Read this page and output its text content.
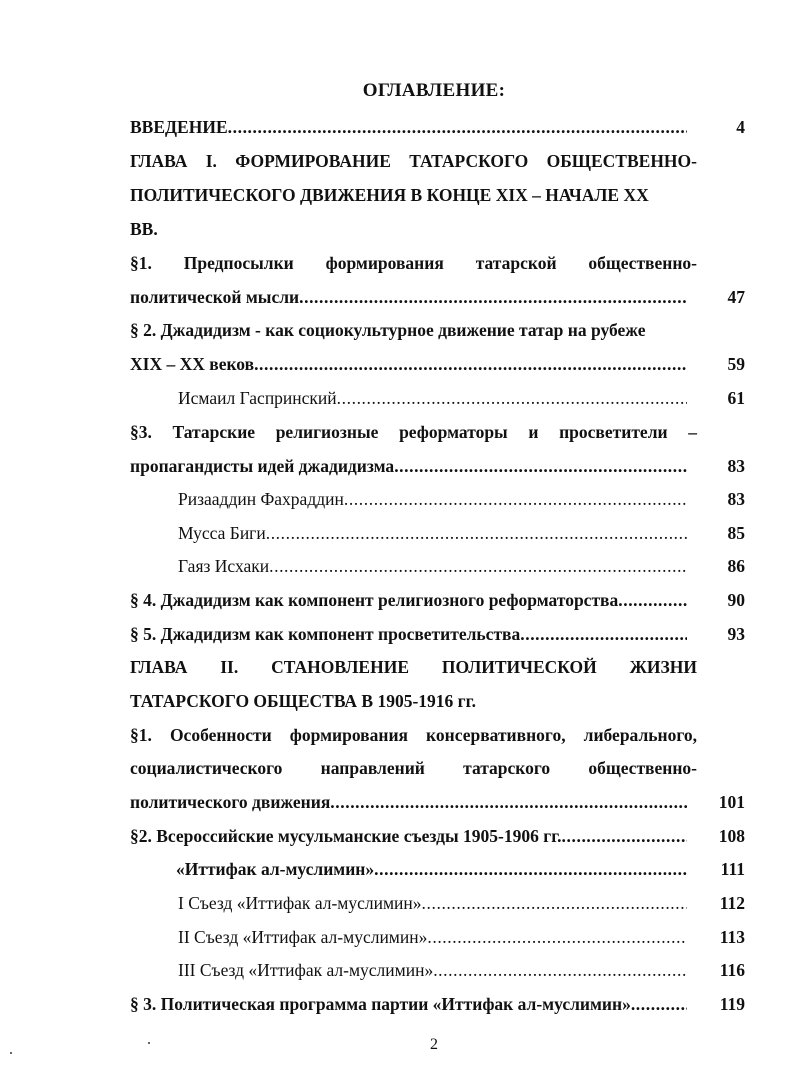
ОГЛАВЛЕНИЕ:
ВВЕДЕНИЕ .....	4
ГЛАВА I. ФОРМИРОВАНИЕ ТАТАРСКОГО ОБЩЕСТВЕННО-
ПОЛИТИЧЕСКОГО ДВИЖЕНИЯ В КОНЦЕ XIX – НАЧАЛЕ XX
ВВ.
§1. Предпосылки формирования татарской общественно-
политической мысли .....	47
§ 2. Джадидизм - как социокультурное движение татар на рубеже
XIX – XX веков .....	59
Исмаил Гаспринский .....	61
§3. Татарские религиозные реформаторы и просветители –
пропагандисты идей джадидизма .....	83
Ризааддин Фахраддин .....	83
Мусса Биги .....	85
Гаяз Исхаки .....	86
§ 4. Джадидизм как компонент религиозного реформаторства .....	90
§ 5. Джадидизм как компонент просветительства .....	93
ГЛАВА II. СТАНОВЛЕНИЕ ПОЛИТИЧЕСКОЙ ЖИЗНИ
ТАТАРСКОГО ОБЩЕСТВА В 1905-1916 гг.
§1. Особенности формирования консервативного, либерального,
социалистического направлений татарского общественно-
политического движения .....	101
§2. Всероссийские мусульманские съезды 1905-1906 гг. .....	108
«Иттифак ал-муслимин» .....	111
I Съезд «Иттифак ал-муслимин» .....	112
II Съезд «Иттифак ал-муслимин» .....	113
III Съезд «Иттифак ал-муслимин» .....	116
§ 3. Политическая программа партии «Иттифак ал-муслимин» .....	119
2
